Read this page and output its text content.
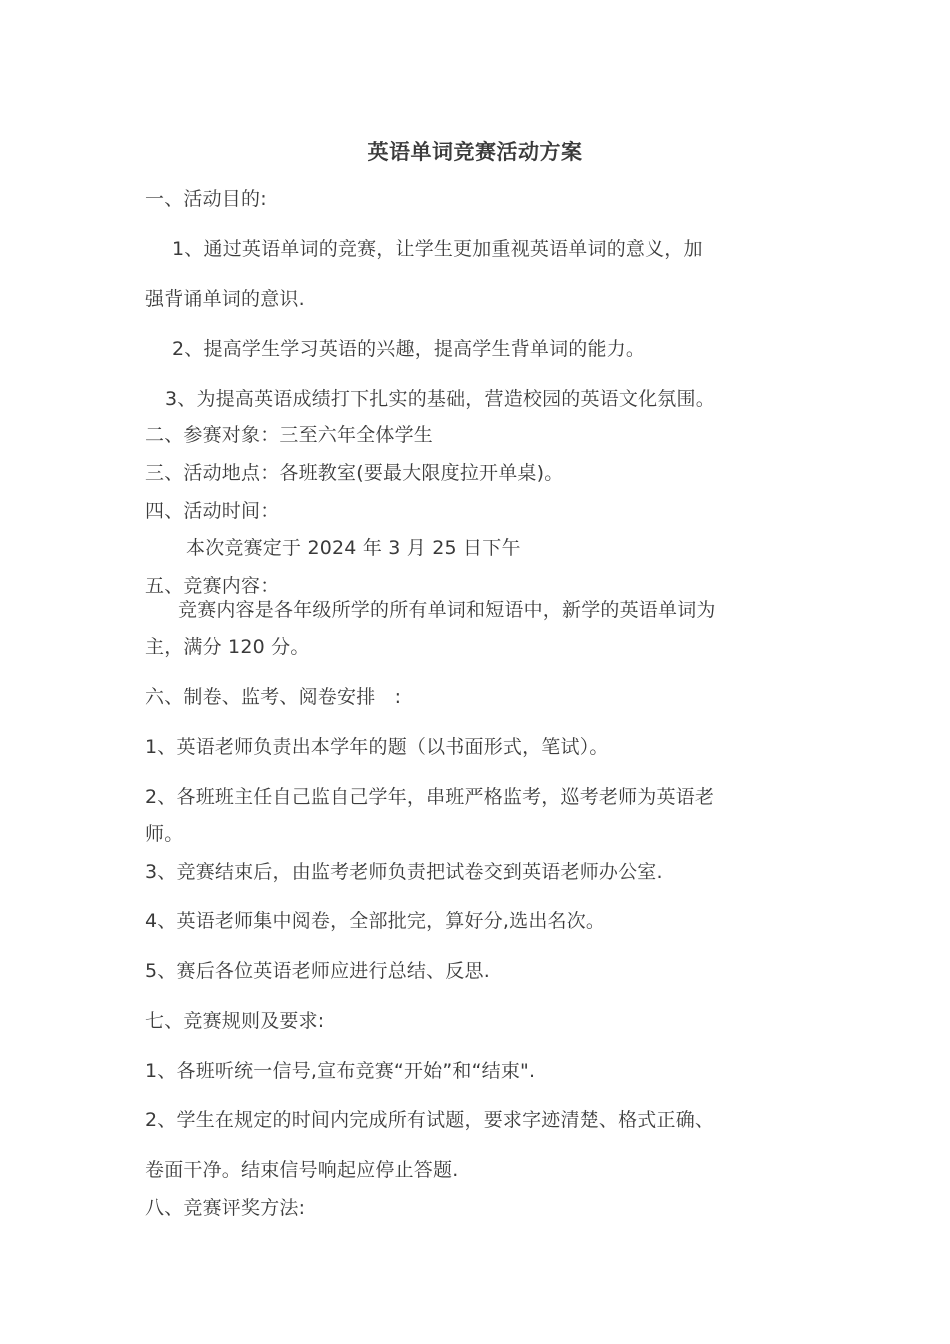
英语单词竞赛活动方案
一、活动目的:
1、通过英语单词的竞赛，让学生更加重视英语单词的意义，加
强背诵单词的意识.
2、提高学生学习英语的兴趣，提高学生背单词的能力。
3、为提高英语成绩打下扎实的基础，营造校园的英语文化氛围。
二、参赛对象：三至六年全体学生
三、活动地点：各班教室(要最大限度拉开单桌)。
四、活动时间：
本次竞赛定于 2024 年 3 月 25 日下午
五、竞赛内容：
竞赛内容是各年级所学的所有单词和短语中，新学的英语单词为
主，满分 120 分。
六、制卷、监考、阅卷安排　:
1、英语老师负责出本学年的题（以书面形式，笔试）。
2、各班班主任自己监自己学年，串班严格监考，巡考老师为英语老
师。
3、竞赛结束后，由监考老师负责把试卷交到英语老师办公室.
4、英语老师集中阅卷，全部批完，算好分,选出名次。
5、赛后各位英语老师应进行总结、反思.
七、竞赛规则及要求:
1、各班听统一信号,宣布竞赛“开始”和“结束".
2、学生在规定的时间内完成所有试题，要求字迹清楚、格式正确、
卷面干净。结束信号响起应停止答题.
八、竞赛评奖方法:
